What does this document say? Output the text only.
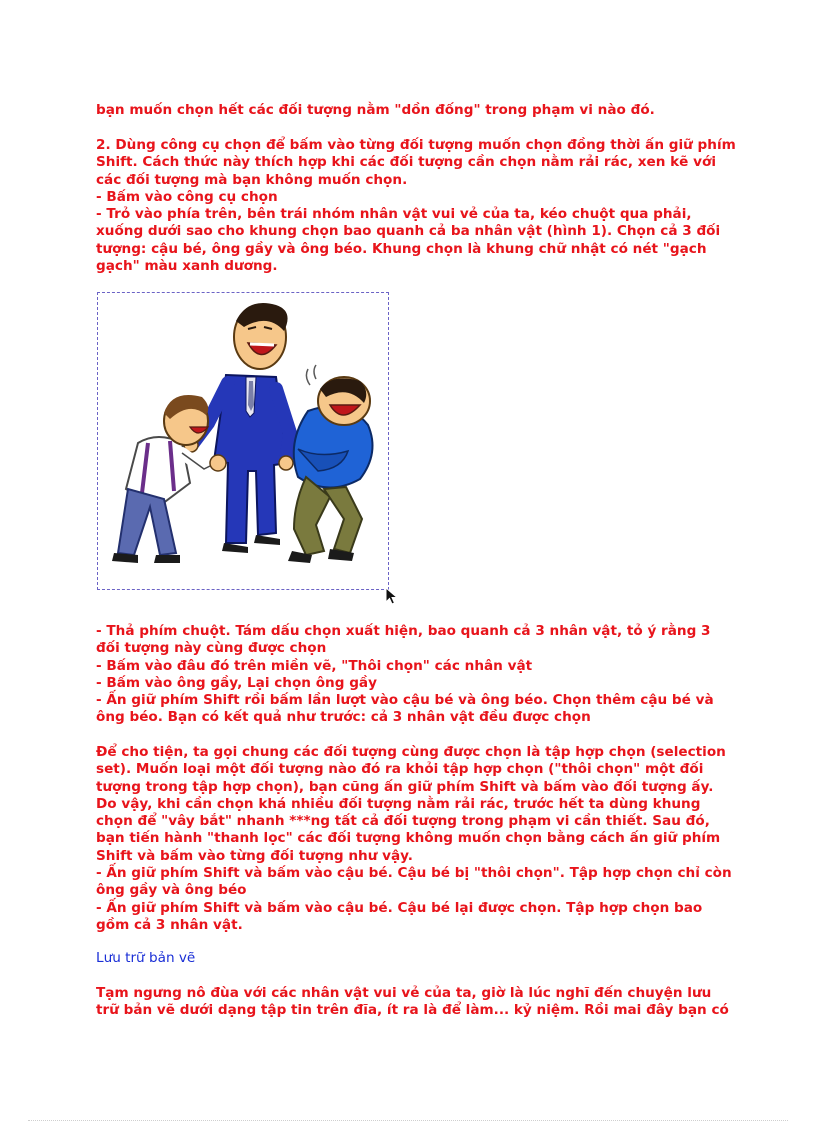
bạn muốn chọn hết các đối tượng nằm "dồn đống" trong phạm vi nào đó.
2. Dùng công cụ chọn để bấm vào từng đối tượng muốn chọn đồng thời ấn giữ phím
Shift. Cách thức này thích hợp khi các đối tượng cần chọn nằm rải rác, xen kẽ với
các đối tượng mà bạn không muốn chọn.
- Bấm vào công cụ chọn
- Trỏ vào phía trên, bên trái nhóm nhân vật vui vẻ của ta, kéo chuột qua phải,
xuống dưới sao cho khung chọn bao quanh cả ba nhân vật (hình 1). Chọn cả 3 đối
tượng: cậu bé, ông gầy và ông béo. Khung chọn là khung chữ nhật có nét "gạch
gạch" màu xanh dương.
- Thả phím chuột. Tám dấu chọn xuất hiện, bao quanh cả 3 nhân vật, tỏ ý rằng 3
đối tượng này cùng được chọn
- Bấm vào đâu đó trên miền vẽ, "Thôi chọn" các nhân vật
- Bấm vào ông gầy, Lại chọn ông gầy
- Ấn giữ phím Shift rồi bấm lần lượt vào cậu bé và ông béo. Chọn thêm cậu bé và
ông béo. Bạn có kết quả như trước: cả 3 nhân vật đều được chọn
Để cho tiện, ta gọi chung các đối tượng cùng được chọn là tập hợp chọn (selection
set). Muốn loại một đối tượng nào đó ra khỏi tập hợp chọn ("thôi chọn" một đối
tượng trong tập hợp chọn), bạn cũng ấn giữ phím Shift và bấm vào đối tượng ấy.
Do vậy, khi cần chọn khá nhiều đối tượng nằm rải rác, trước hết ta dùng khung
chọn để "vây bắt" nhanh ***ng tất cả đối tượng trong phạm vi cần thiết. Sau đó,
bạn tiến hành "thanh lọc" các đối tượng không muốn chọn bằng cách ấn giữ phím
Shift và bấm vào từng đối tượng như vậy.
- Ấn giữ phím Shift và bấm vào cậu bé. Cậu bé bị "thôi chọn". Tập hợp chọn chỉ còn
ông gầy và ông béo
- Ấn giữ phím Shift và bấm vào cậu bé. Cậu bé lại được chọn. Tập hợp chọn bao
gồm cả 3 nhân vật.
Lưu trữ bản vẽ
Tạm ngưng nô đùa với các nhân vật vui vẻ của ta, giờ là lúc nghĩ đến chuyện lưu
trữ bản vẽ dưới dạng tập tin trên đĩa, ít ra là để làm... kỷ niệm. Rồi mai đây bạn có
